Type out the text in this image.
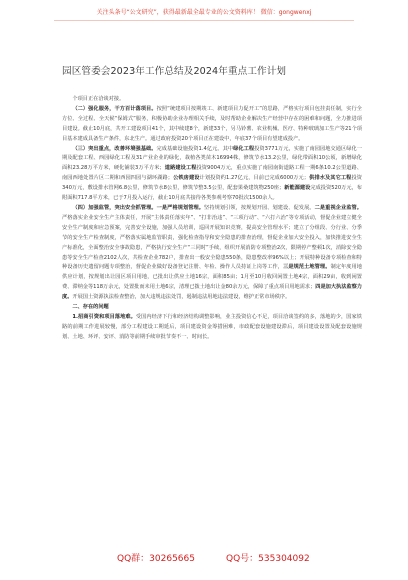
关注头条号“公文研究”，获得最新最全最专业的公文资料库！ 微信：gongwenxj
园区管委会2023年工作总结及2024年重点工作计划

个项目正在洽谈对接。

（二）强化服务，干方百计落项目。按照“统建项目按期竣工、新建项目力促开工”的思路，严格实行项目包挂责任制，实行全方位、全过程、全天候“保姆式”服务，积极协助企业办理相关手续，及时帮助企业解决生产经营中存在的困难和问题，全力推进项目建设。截止10月底，共开工建设项目41个，其中续建8个，新建33个，另马铃薯、农业机械、医疗、特种玻璃加工生产等21个项目基本建成具备生产条件，东北生产。通过政府投资20个项目正在建设中，年底37个项目有望建成投产。

（三）突出重点，改善环境强基础。完成基础设施投资1.4亿元。其中绿化工程投资3771万元，实施了南园园地交通区绿化一期及配套工程、西园绿化工程及31产业企业的绿化，栽植各类苗木16994株，修筑节水13.2公里，绿化带面积10公顷，新增绿化面积23.28万平方米，硬化铺装3万平方米；道路建设工程投资9004万元，重点实施了南园南街道路工程一期6条10.2公里道路、南园西地处置片区二期和西园四园与湖环湖路；公铁房建设计划投资约1.27亿元，目前已完成6000万元；供排水及其它工程投资340万元，敷设排水管网6.8公里，修筑节水8公里，修筑节整3.5公里，配套果桑建筑物250座；新能源建设完成投资520万元，布附面积717.8平方米，已于7月投入运行，截止10月底共接待各类参观考察70批次1500余人。

（四）加强监管，突出安全抓管理。一是严格规划管理。坚持规划引领，按规划开园、划建设、促发展。二是重视企业监管。严格落实企业安全生产主体责任，开展“主体责任落实年”、“打非治违”、“三项行动”、“六打六治”等专项活动，督促企业建立健全安全生产制度和应急预案，完善安全设施，加强人员培训，巡回开展知识竞赛，提高安全管理水平；建立了分组段、分行业、分季节的安全生产检查制度，严格落实属地监管职责，强化检查指导和安全隐患的排查治理，督促企业加大安全投入，加快推进安全生产标准化，全面整治安全事故隐患，严格执行安全生产“三同时”手续，组织开展消防专项整治2次，限期停产整顿1次，消除安全隐患等安全生产检查2102人次，共检查企业782户，排查出一般安全隐患550条，隐患整改率96%以上；开展特种设备专项检查和特种设备历史遗留问题专项整治，督促企业做好设备登记注册、年检、操作人员持证上岗等工作，三是规范土地管理。制定年度用地供应计划，按规划出让园区项目用地，已批出让供应土地16宗，面积85亩；1月至10月收回闲置土地4宗，面积29亩，收到闲置费、滞纳金等118万余元，处置批而未用土地6宗，清理已拨土地出让金80余万元，保障了重点项目用地需求；四是加大执法监察力度。开展国土资源执法检查整治，加大违规违法处罚，遏制违法用地违法建设，维护正常市场秩序。

二、存在的问题

1.招商引资和项目落地难。受国内经济下行和经济结构调整影响，业主投资信心不足，项目洽谈签约的多，落地的少，国家铁路的前期工作进展较慢，部分工程建设工期延后，项目建设资金筹措困难，市政配套设施建设滞后，项目建设设置及配套设施规划、土地、环评、安评、消防等前期手续审批节奏不一、时间长。

QQ群：30265665	QQ号：535304092
